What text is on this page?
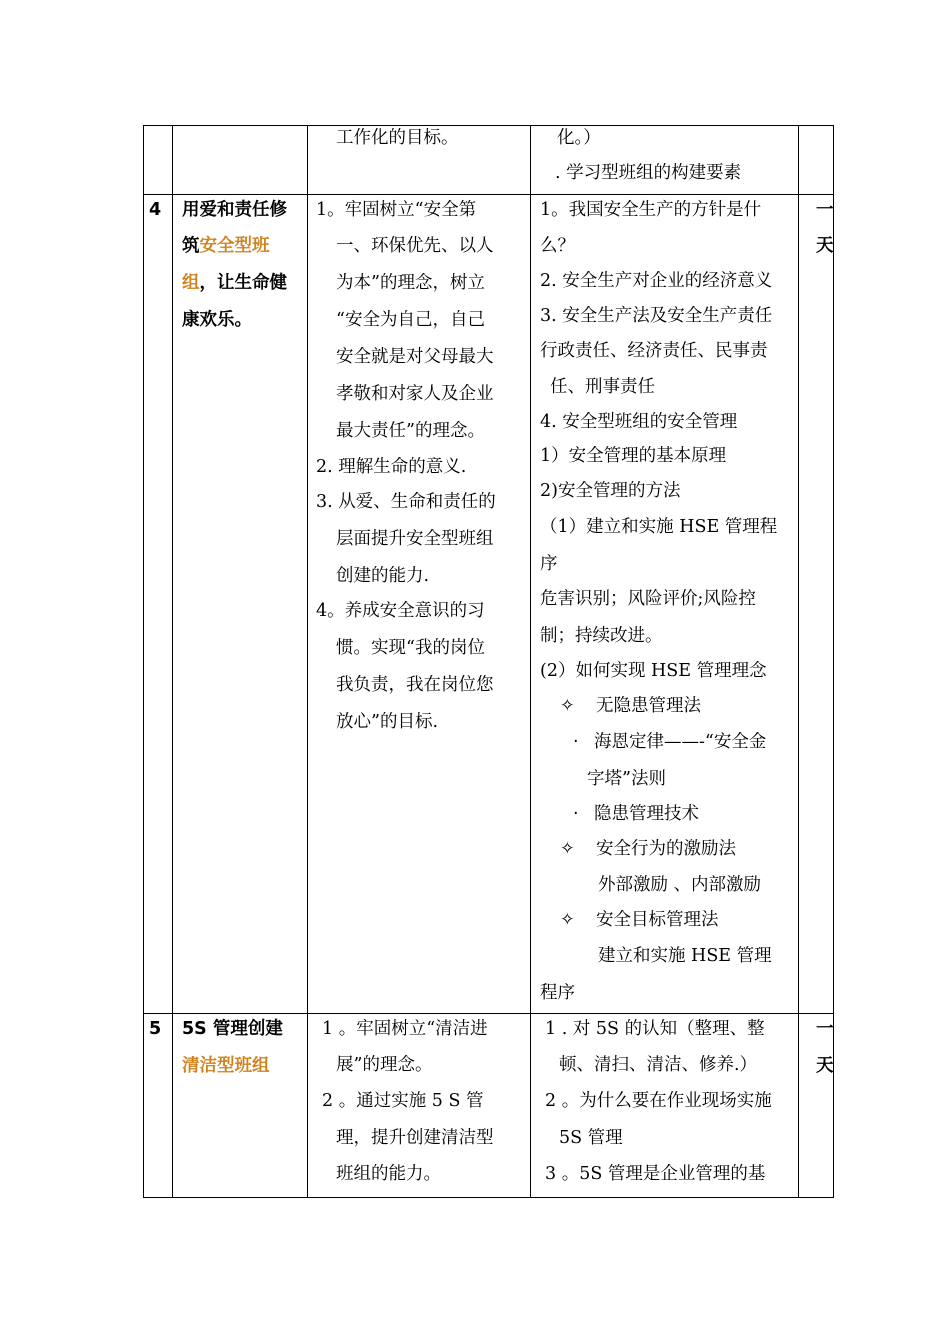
工作化的目标。	化。）
. 学习型班组的构建要素
4 用爱和责任修
筑安全型班
组，让生命健
康欢乐。
1。牢固树立“安全第
一、环保优先、以人
为本”的理念，树立
“安全为自己，自己
安全就是对父母最大
孝敬和对家人及企业
最大责任”的理念。
2. 理解生命的意义.
3. 从爱、生命和责任的
层面提升安全型班组
创建的能力.
4。养成安全意识的习
惯。实现“我的岗位
我负责，我在岗位您
放心”的目标.
1。我国安全生产的方针是什
么？
2. 安全生产对企业的经济意义
3. 安全生产法及安全生产责任
行政责任、经济责任、民事责
任、刑事责任
4. 安全型班组的安全管理
1）安全管理的基本原理
2)安全管理的方法
（1）建立和实施 HSE 管理程
序
危害识别；风险评价;风险控
制；持续改进。
(2）如何实现 HSE 管理理念
✧ 无隐患管理法
· 海恩定律——-“安全金
字塔”法则
· 隐患管理技术
✧ 安全行为的激励法
外部激励 、内部激励
✧ 安全目标管理法
建立和实施 HSE 管理
程序
一
天
5 5S 管理创建
清洁型班组
1 。牢固树立“清洁进
展”的理念。
2 。通过实施 5 S 管
理，提升创建清洁型
班组的能力。
1 . 对 5S 的认知（整理、整
顿、清扫、清洁、修养.）
2 。为什么要在作业现场实施
5S 管理
3 。5S 管理是企业管理的基
一
天
